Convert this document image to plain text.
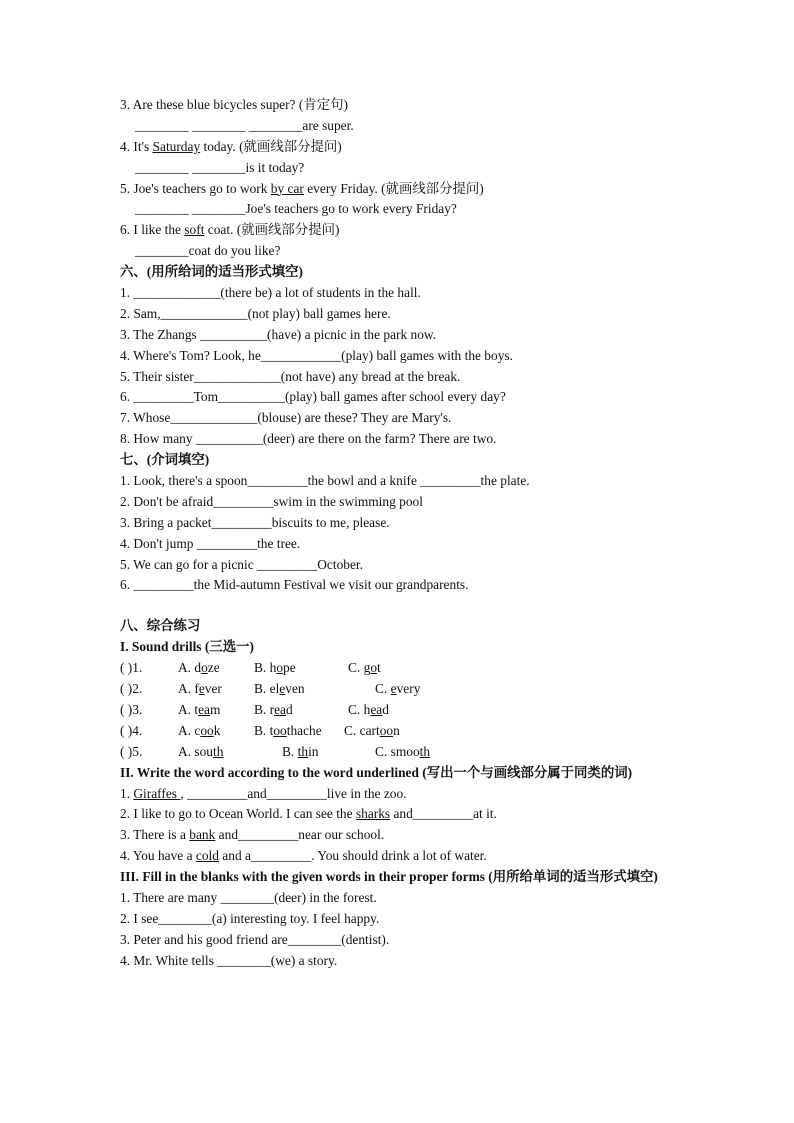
3. Are these blue bicycles super? (肯定句)
________ ________ ________are super.
4. It's Saturday today. (就画线部分提问)
________ ________is it today?
5. Joe's teachers go to work by car every Friday. (就画线部分提问)
________ ________Joe's teachers go to work every Friday?
6. I like the soft coat. (就画线部分提问)
________coat do you like?
六、(用所给词的适当形式填空)
1. _____________(there be) a lot of students in the hall.
2. Sam,_____________(not play) ball games here.
3. The Zhangs __________(have) a picnic in the park now.
4. Where's Tom? Look, he____________(play) ball games with the boys.
5. Their sister_____________(not have) any bread at the break.
6. _________Tom__________(play) ball games after school every day?
7. Whose_____________(blouse) are these? They are Mary's.
8. How many __________(deer) are there on the farm? There are two.
七、(介词填空)
1. Look, there's a spoon_________the bowl and a knife _________the plate.
2. Don't be afraid_________swim in the swimming pool
3. Bring a packet_________biscuits to me, please.
4. Don't jump _________the tree.
5. We can go for a picnic _________October.
6. _________the Mid-autumn Festival we visit our grandparents.
八、综合练习
I. Sound drills (三选一)
( )1.	A. doze	B. hope	C. got
( )2.	A. fever B. eleven	C. every
( )3.	A. team	B. read	C. head
( )4.	A. cook	B. toothache C. cartoon
( )5.	A. south	B. thin	C. smooth
II. Write the word according to the word underlined (写出一个与画线部分属于同类的词)
1. Giraffes , _________and_________live in the zoo.
2. I like to go to Ocean World. I can see the sharks and_________at it.
3. There is a bank and_________near our school.
4. You have a cold and a_________. You should drink a lot of water.
III. Fill in the blanks with the given words in their proper forms (用所给单词的适当形式填空)
1. There are many ________(deer) in the forest.
2. I see________(a) interesting toy. I feel happy.
3. Peter and his good friend are________(dentist).
4. Mr. White tells ________(we) a story.
